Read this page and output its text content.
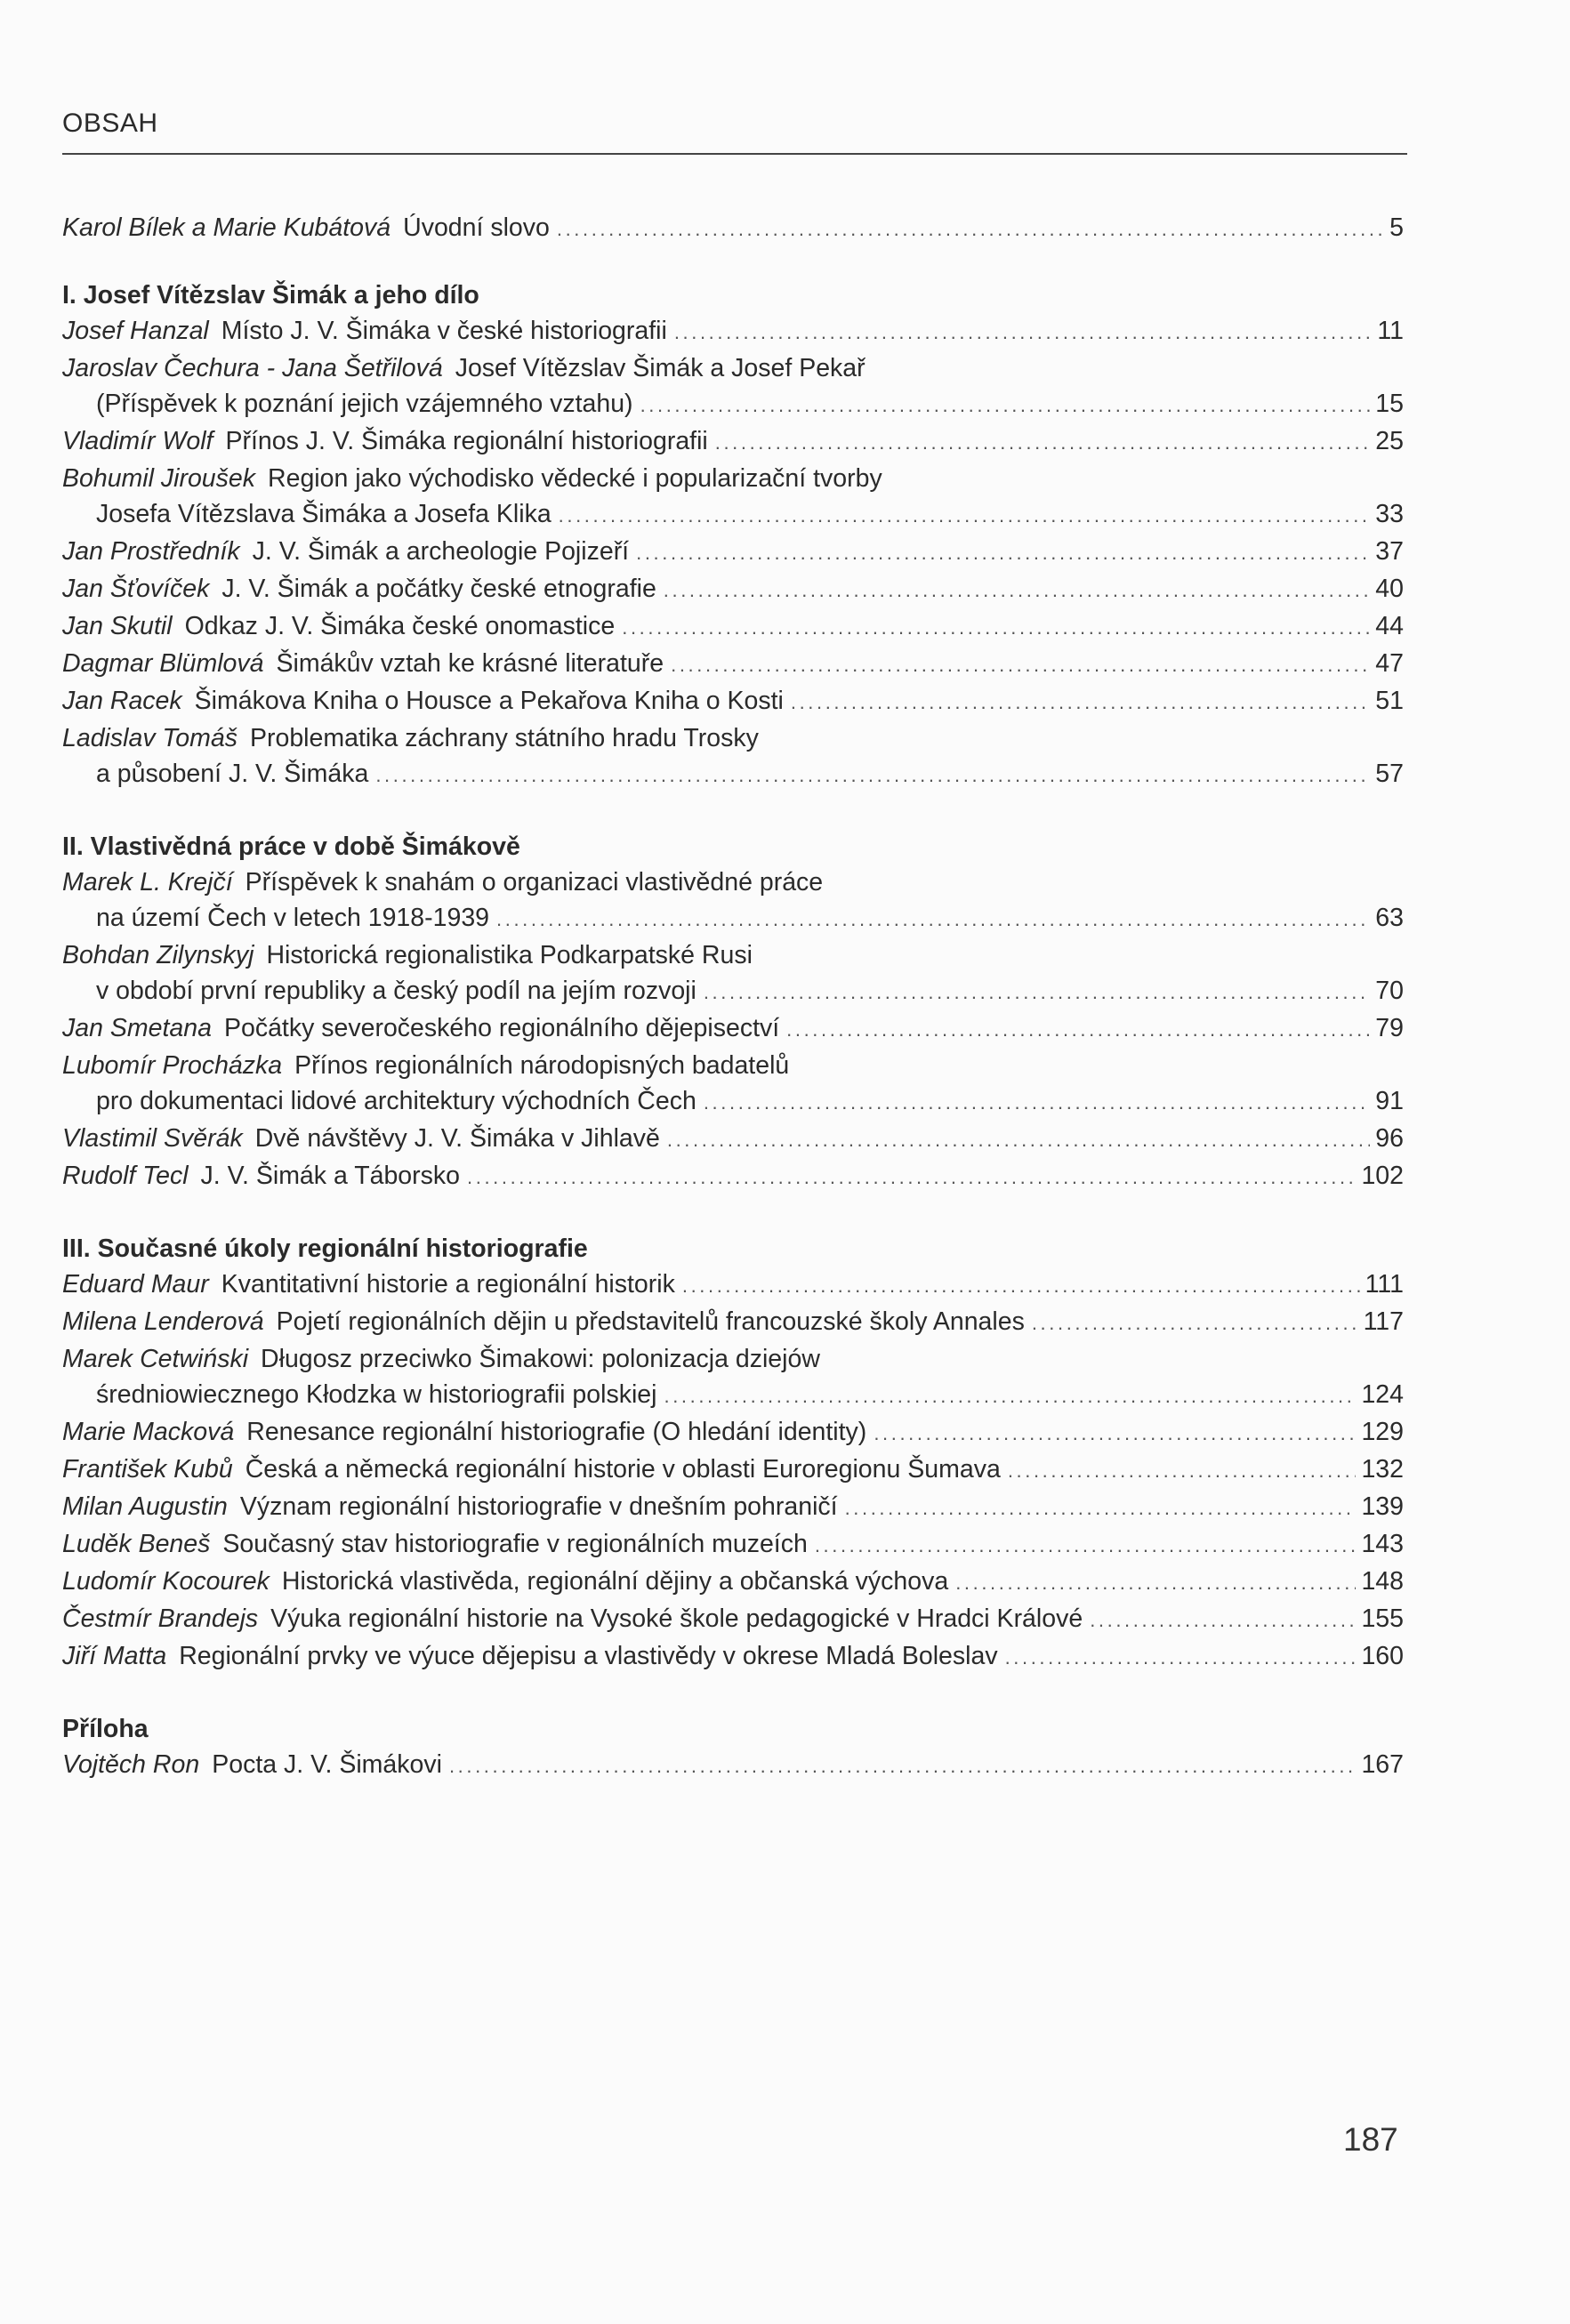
OBSAH
Karol Bílek a Marie Kubátová Úvodní slovo .....	5
I. Josef Vítězslav Šimák a jeho dílo
Josef Hanzal Místo J. V. Šimáka v české historiografii .....	11
Jaroslav Čechura - Jana Šetřilová Josef Vítězslav Šimák a Josef Pekař
(Příspěvek k poznání jejich vzájemného vztahu) .....	15
Vladimír Wolf Přínos J. V. Šimáka regionální historiografii .....	25
Bohumil Jiroušek Region jako východisko vědecké i popularizační tvorby
Josefa Vítězslava Šimáka a Josefa Klika .....	33
Jan Prostředník J. V. Šimák a archeologie Pojizeří .....	37
Jan Šťovíček J. V. Šimák a počátky české etnografie .....	40
Jan Skutil Odkaz J. V. Šimáka české onomastice .....	44
Dagmar Blümlová Šimákův vztah ke krásné literatuře .....	47
Jan Racek Šimákova Kniha o Housce a Pekařova Kniha o Kosti .....	51
Ladislav Tomáš Problematika záchrany státního hradu Trosky
a působení J. V. Šimáka .....	57
II. Vlastivědná práce v době Šimákově
Marek L. Krejčí Příspěvek k snahám o organizaci vlastivědné práce
na území Čech v letech 1918-1939 .....	63
Bohdan Zilynskyj Historická regionalistika Podkarpatské Rusi
v období první republiky a český podíl na jejím rozvoji .....	70
Jan Smetana Počátky severočeského regionálního dějepisectví .....	79
Lubomír Procházka Přínos regionálních národopisných badatelů
pro dokumentaci lidové architektury východních Čech .....	91
Vlastimil Svěrák Dvě návštěvy J. V. Šimáka v Jihlavě .....	96
Rudolf Tecl J. V. Šimák a Táborsko .....	102
III. Současné úkoly regionální historiografie
Eduard Maur Kvantitativní historie a regionální historik .....	111
Milena Lenderová Pojetí regionálních dějin u představitelů francouzské školy Annales .....	117
Marek Cetwiński Długosz przeciwko Šimakowi: polonizacja dziejów
średniowiecznego Kłodzka w historiografii polskiej .....	124
Marie Macková Renesance regionální historiografie (O hledání identity) .....	129
František Kubů Česká a německá regionální historie v oblasti Euroregionu Šumava .....	132
Milan Augustin Význam regionální historiografie v dnešním pohraničí .....	139
Luděk Beneš Současný stav historiografie v regionálních muzeích .....	143
Ludomír Kocourek Historická vlastivěda, regionální dějiny a občanská výchova .....	148
Čestmír Brandejs Výuka regionální historie na Vysoké škole pedagogické v Hradci Králové .....	155
Jiří Matta Regionální prvky ve výuce dějepisu a vlastivědy v okrese Mladá Boleslav .....	160
Příloha
Vojtěch Ron Pocta J. V. Šimákovi .....	167
187
